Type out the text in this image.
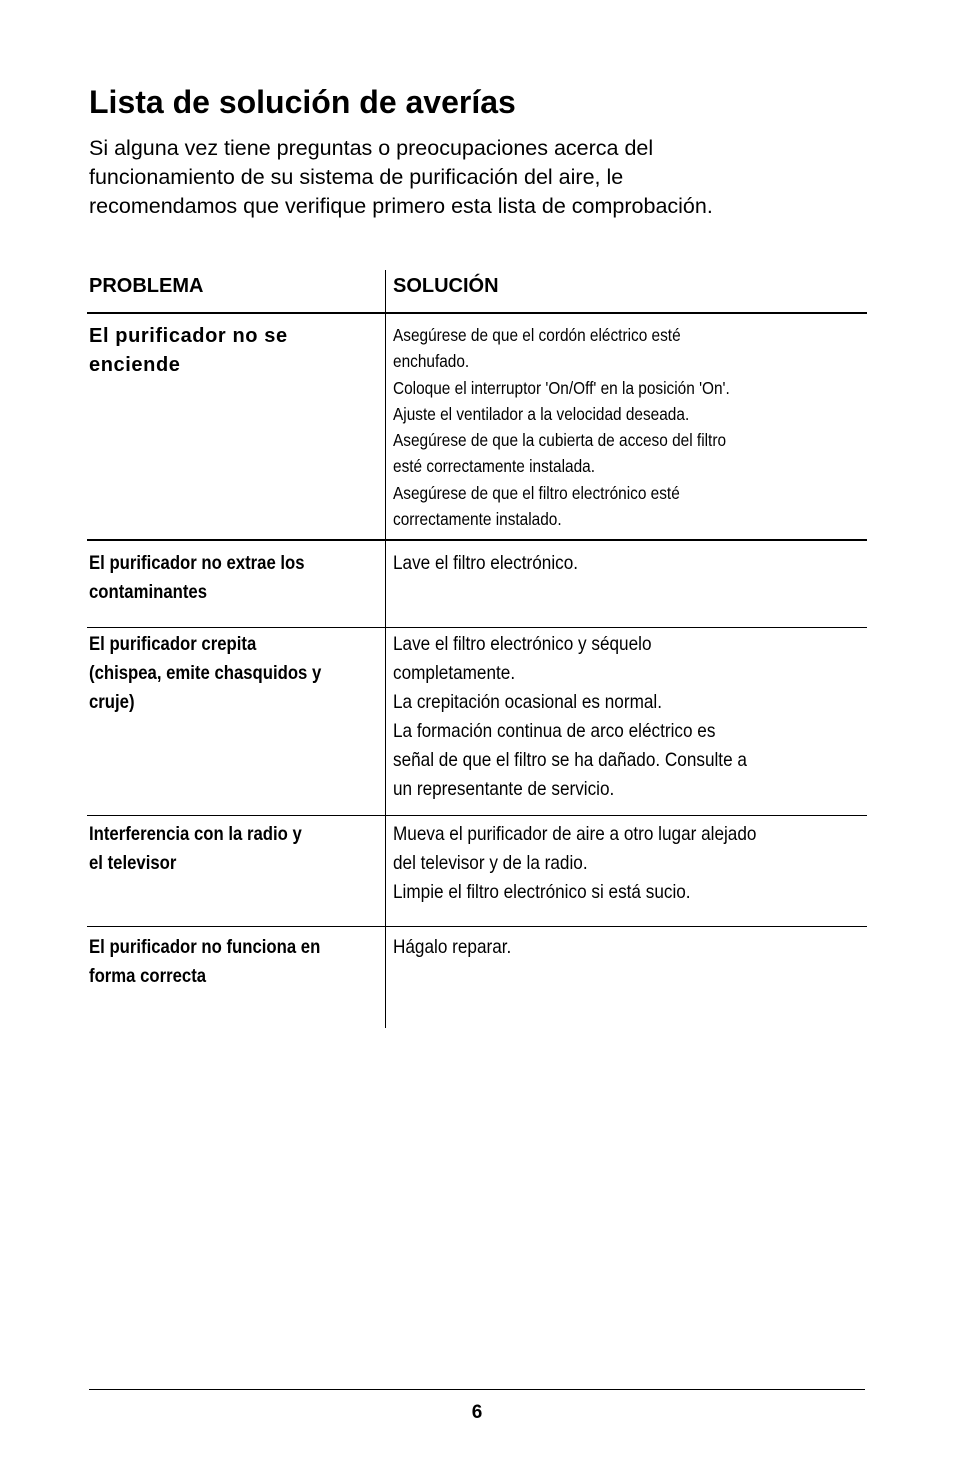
Lista de solución de averías

Si alguna vez tiene preguntas o preocupaciones acerca del
funcionamiento de su sistema de purificación del aire, le
recomendamos que verifique primero esta lista de comprobación.

PROBLEMA	SOLUCIÓN
El purificador no se
enciende
Asegúrese de que el cordón eléctrico esté
enchufado.
Coloque el interruptor 'On/Off' en la posición 'On'.
Ajuste el ventilador a la velocidad deseada.
Asegúrese de que la cubierta de acceso del filtro
esté correctamente instalada.
Asegúrese de que el filtro electrónico esté
correctamente instalado.
El purificador no extrae los
contaminantes
Lave el filtro electrónico.
El purificador crepita
(chispea, emite chasquidos y
cruje)
Lave el filtro electrónico y séquelo
completamente.
La crepitación ocasional es normal.
La formación continua de arco eléctrico es
señal de que el filtro se ha dañado. Consulte a
un representante de servicio.
Interferencia con la radio y
el televisor
Mueva el purificador de aire a otro lugar alejado
del televisor y de la radio.
Limpie el filtro electrónico si está sucio.
El purificador no funciona en
forma correcta
Hágalo reparar.
6
